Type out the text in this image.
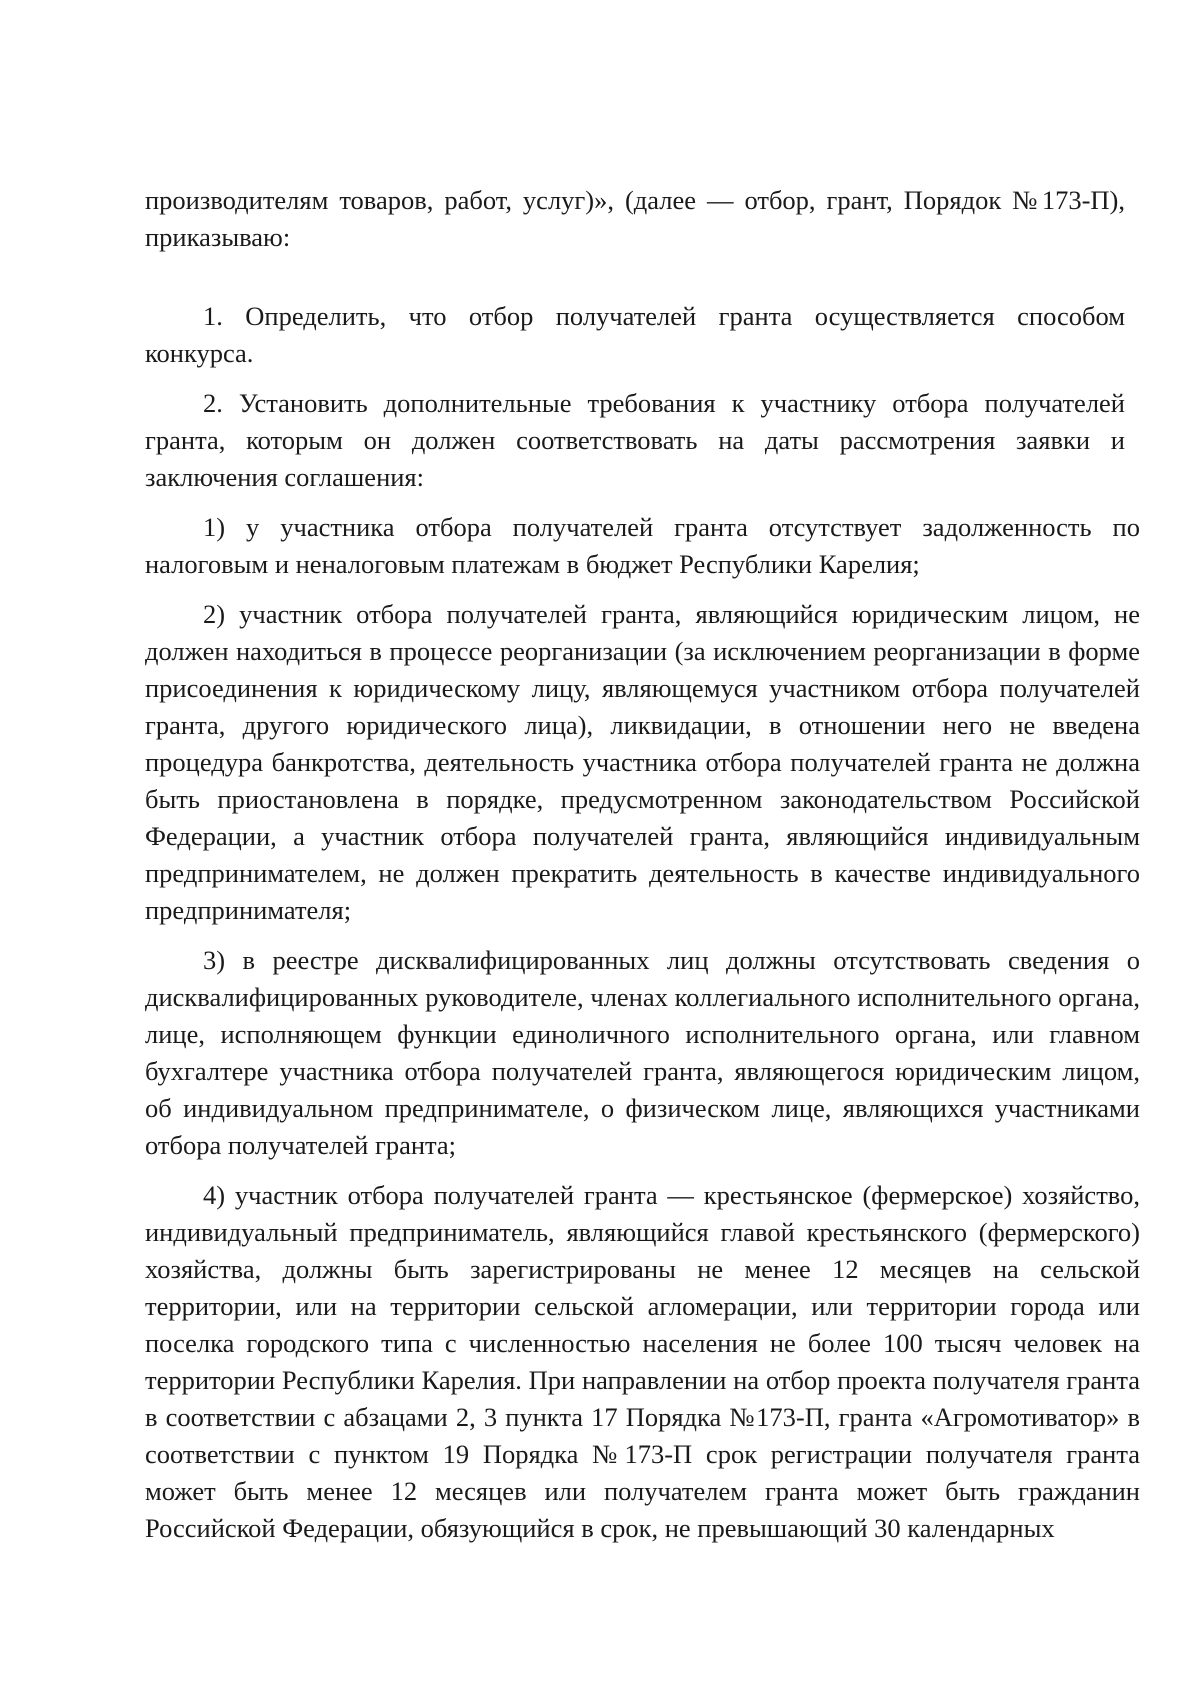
производителям товаров, работ, услуг)», (далее — отбор, грант, Порядок №173-П), приказываю:

1. Определить, что отбор получателей гранта осуществляется способом конкурса.

2. Установить дополнительные требования к участнику отбора получателей гранта, которым он должен соответствовать на даты рассмотрения заявки и заключения соглашения:

1) у участника отбора получателей гранта отсутствует задолженность по налоговым и неналоговым платежам в бюджет Республики Карелия;

2) участник отбора получателей гранта, являющийся юридическим лицом, не должен находиться в процессе реорганизации (за исключением реорганизации в форме присоединения к юридическому лицу, являющемуся участником отбора получателей гранта, другого юридического лица), ликвидации, в отношении него не введена процедура банкротства, деятельность участника отбора получателей гранта не должна быть приостановлена в порядке, предусмотренном законодательством Российской Федерации, а участник отбора получателей гранта, являющийся индивидуальным предпринимателем, не должен прекратить деятельность в качестве индивидуального предпринимателя;

3) в реестре дисквалифицированных лиц должны отсутствовать сведения о дисквалифицированных руководителе, членах коллегиального исполнительного органа, лице, исполняющем функции единоличного исполнительного органа, или главном бухгалтере участника отбора получателей гранта, являющегося юридическим лицом, об индивидуальном предпринимателе, о физическом лице, являющихся участниками отбора получателей гранта;

4) участник отбора получателей гранта — крестьянское (фермерское) хозяйство, индивидуальный предприниматель, являющийся главой крестьянского (фермерского) хозяйства, должны быть зарегистрированы не менее 12 месяцев на сельской территории, или на территории сельской агломерации, или территории города или поселка городского типа с численностью населения не более 100 тысяч человек на территории Республики Карелия. При направлении на отбор проекта получателя гранта в соответствии с абзацами 2, 3 пункта 17 Порядка №173-П, гранта «Агромотиватор» в соответствии с пунктом 19 Порядка №173-П срок регистрации получателя гранта может быть менее 12 месяцев или получателем гранта может быть гражданин Российской Федерации, обязующийся в срок, не превышающий 30 календарных
